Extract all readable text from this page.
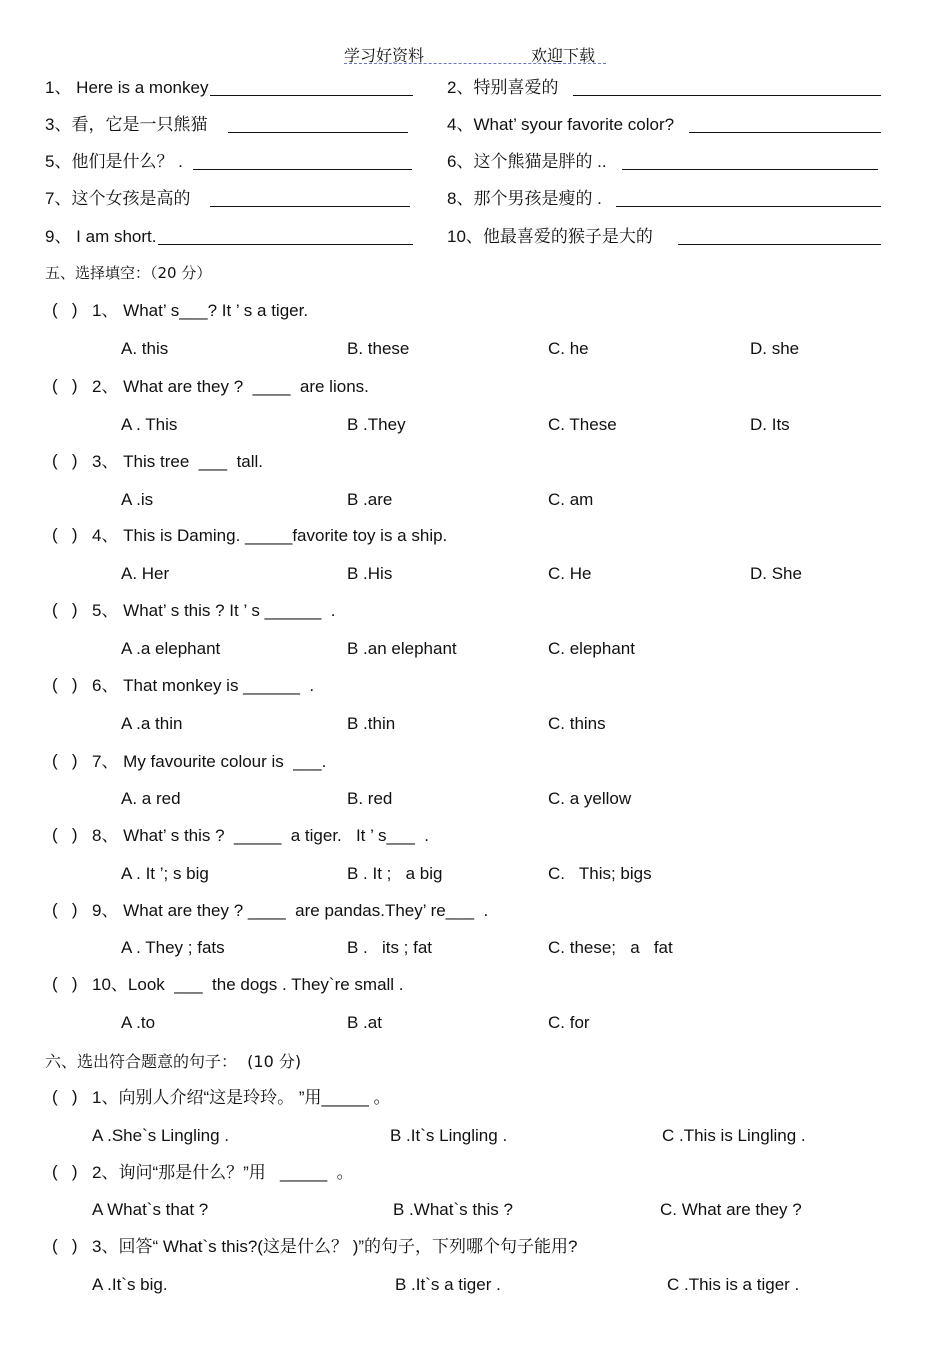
学习好资料	欢迎下载
1、 Here is a monkey	2、特别喜爱的
3、看，它是一只熊猫	4、What’ syour favorite color?
5、他们是什么？ .	6、这个熊猫是胖的 ..
7、这个女孩是高的	8、那个男孩是瘦的 .
9、 I am short.	10、他最喜爱的猴子是大的
五、选择填空：（20 分）
(   ) 1、 What’ s___? It ’ s a tiger.
A. this	B. these	C. he	D. she
(   ) 2、 What are they ?  ____  are lions.
A . This	B .They	C. These	D. Its
(   ) 3、 This tree  ___  tall.
A .is	B .are	C. am
(   ) 4、 This is Daming. _____favorite toy is a ship.
A. Her	B .His	C. He	D. She
(   ) 5、 What’ s this ? It ’ s ______  .
A .a elephant	B .an elephant	C. elephant
(   ) 6、 That monkey is ______  .
A .a thin	B .thin	C. thins
(   ) 7、 My favourite colour is  ___.
A. a red	B. red	C. a yellow
(   ) 8、 What’ s this ?  _____  a tiger.   It ’ s___  .
A . It ’; s big	B . It ;   a big	C.   This; bigs
(   ) 9、 What are they ? ____  are pandas.They’ re___  .
A . They ; fats	B .   its ; fat	C. these;   a   fat
(   ) 10、Look  ___  the dogs . They`re small .
A .to	B .at	C. for
六、选出符合题意的句子：  (10 分)
(   ) 1、向别人介绍“这是玲玲。 ”用_____ 。
A .She`s Lingling .	B .It`s Lingling .	C .This is Lingling .
(   ) 2、询问“那是什么？”用   _____  。
A What`s that ?	B .What`s this ?	C. What are they ?
(   ) 3、回答“ What`s this?(这是什么？ )”的句子，下列哪个句子能用?
A .It`s big.	B .It`s a tiger .	C .This is a tiger .
